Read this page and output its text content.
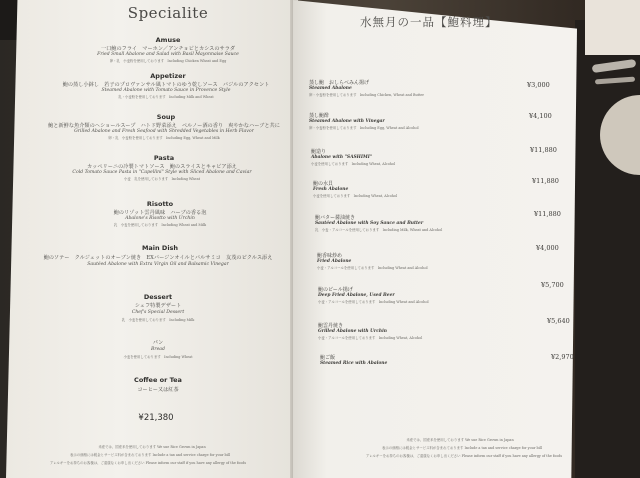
Specialite
Amuse
一口鮑のフライ　マーホン／アンチョビとカシスのサラダ
Fried Small Abalone and Salad with Basil Mayonnaise Sauce
卵・乳　小麦粉を使用しております　Including Chicken Wheat and Egg
Appetizer
鮑の蒸し小鉢し　若子のプロヴァンサル風トマトのゆう乾しソース　バジルのアクセント
Steamed Abalone with Tomato Sauce in Provence Style
乳・小麦粉を使用しております　Including Milk and Wheat
Soup
鮑と新鮮な魚介類のヘショールスープ　ハトド野菜添え　ペルノー酒の香り　爽やかなハーブと共に
Grilled Abalone and Fresh Seafood with Shredded Vegetables in Herb Flavor
卵・乳　小麦粉を使用しております　Including Egg, Wheat and Milk
Pasta
カッペリーニの冷製トマトソース　鮑のスライスとキャビア添え
Cold Tomato Sauce Pasta in "Capellini" Style with Sliced Abalone and Caviar
小麦　乳を使用しております　Including Wheat
Risotto
鮑のリゾット雲丹風味　ハーブの香る泡
Abalone's Risotto with Urchin
乳　小麦を使用しております　Including Wheat and Milk
Main Dish
鮑のソテー　クルジェットのオーブン焼き　EXバージンオイルとバルサミコ　友茂のピクルス添え
Sautéed Abalone with Extra Virgin Oil and Balsamic Vinegar
Dessert
シェフ特製デザート
Chef's Special Dessert
乳　小麦を使用しております　Including Milk
パン
Bread
小麦を使用しております　Including Wheat
Coffee or Tea
コーヒー又は紅茶
¥21,380
米産では、国産米を使用しております We use Rice Grown in Japan
表示の価格には税金とサービス料が含まれております Include a tax and service charge for your bill
アレルギーをお持ちのお客様は、ご遠慮なくお申し出ください Please inform our staff if you have any allergy of the foods
水無月の一品【鮑料理】
蒸し鮑　おしらべみん揚げ
Steamed Abalone
卵・小麦粉を使用しております　Including Chicken, Wheat and Butter
¥3,000
蒸し鮑酢
Steamed Abalone with Vinegar
卵・小麦粉を使用しております　Including Egg, Wheat and Alcohol
¥4,100
鮑造り
Abalone with "SASHIMI"
小麦を使用しております　Including Wheat, Alcohol
¥11,880
鮑の水貝
Fresh Abalone
小麦を使用しております　Including Wheat, Alcohol
¥11,880
鮑バター醤油焼き
Sautéed Abalone with Soy Sauce and Butter
乳　小麦・アルコールを使用しております　Including Milk, Wheat and Alcohol
¥11,880
鮑香味炒め
Fried Abalone
小麦・アルコールを使用しております　Including Wheat and Alcohol
¥4,000
鮑のビール揚げ
Deep Fried Abalone, Used Beer
小麦・アルコールを使用しております　Including Wheat and Alcohol
¥5,700
鮑雲丹焼き
Grilled Abalone with Urchin
小麦・アルコールを使用しております　Including Wheat, Alcohol
¥5,640
鮑ご飯
Steamed Rice with Abalone
¥2,970
米産では、国産米を使用しております We use Rice Grown in Japan
表示の価格には税金とサービス料が含まれております Include a tax and service charge for your bill
アレルギーをお持ちのお客様は、ご遠慮なくお申し出ください Please inform our staff if you have any allergy of the foods
